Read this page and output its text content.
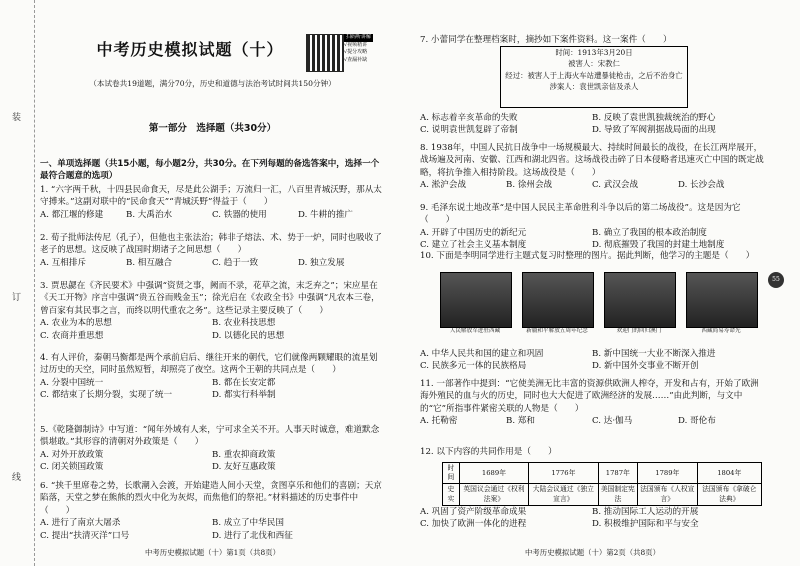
装
订
线
中考历史模拟试题（十）
扫码听讲解
√视频精讲
√提分攻略
√查漏补缺
（本试卷共19道题，满分70分，历史和道德与法治考试时间共150分钟）
第一部分　选择题（共30分）
一、单项选择题（共15小题，每小题2分，共30分。在下列每题的备选答案中，选择一个最符合题意的选项）
1. “六字两千秋，十四县民命食天，尽是此公湖手；万流归一汇，八百里青城沃野，那从太守搏来。”这副对联中的“民命食天”“青城沃野”得益于（　　）
A. 都江堰的修建	B. 大禹治水	C. 铁器的使用	D. 牛耕的推广
2. 荀子批师法传尼（孔子），但他也主张法治；韩非子熔法、术、势于一炉，同时也吸收了老子的思想。这反映了战国时期诸子之间思想（　　）
A. 互相排斥	B. 相互融合	C. 趋于一致	D. 独立发展
3. 贾思勰在《齐民要术》中强调“资贤之事，阙而不录，花草之流，末乏弃之”；宋应星在《天工开物》序言中强调“贵五谷而贱金玉”；徐光启在《农政全书》中强调“凡农本三卷，曾百家有其民事之言，而终以明代重农之务”。这些记录主要反映了（　　）
A. 农业为本的思想	B. 农业科技思想
C. 农商并重思想	D. 以德化民的思想
4. 有人评价，秦朝马衡都是两个承前启后、继往开来的朝代，它们就像两颗耀眼的流星划过历史的天空，同时虽然短暂，却照亮了夜空。这两个王朝的共同点是（　　）
A. 分裂中国统一	B. 都在长安定都
C. 都结束了长期分裂，实现了统一	D. 都实行科举制
5.《乾隆御制诗》中写道：“闻年外域有人来，宁可求全关不开。人事天时诚意，难道默念惧堪敢。”其形容的清朝对外政策是（　　）
A. 对外开放政策	B. 重农抑商政策
C. 闭关锁国政策	D. 友好互惠政策
6. “挟千里席卷之势，长歌潮入会渡，开始建造人间小天堂，贪图享乐和他们的喜剧；天京陷落，天堂之梦在熊熊的烈火中化为灰烬，而焦他们的祭祀。”材料描述的历史事件中（　　）
A. 进行了南京大屠杀	B. 成立了中华民国
C. 提出“扶清灭洋”口号	D. 进行了北伐和西征
中考历史模拟试题（十）第1页（共8页）
7. 小蕾同学在整理档案时，摘抄如下案件资料。这一案件（　　）
时间：1913年3月20日
被害人：宋教仁
经过：被害人于上海火车站遭暴徒枪击，之后不治身亡
涉案人：袁世凯亲信及杀人
A. 标志着辛亥革命的失败	B. 反映了袁世凯独裁统治的野心
C. 说明袁世凯复辟了帝制	D. 导致了军阀割据战局面的出现
8. 1938年，中国人民抗日战争中一场规模最大、持续时间最长的战役，在长江两岸展开，战场遍及河南、安徽、江西和湖北四省。这场战役击碎了日本侵略者迅速灭亡中国的既定战略，将抗争推入相持阶段。这场战役是（　　）
A. 淞沪会战	B. 徐州会战	C. 武汉会战	D. 长沙会战
9. 毛泽东说土地改革“是中国人民民主革命胜利斗争以后的第二场战役”。这是因为它（　　）
A. 开辟了中国历史的新纪元	B. 确立了我国的根本政治制度
C. 建立了社会主义基本制度	D. 彻底摧毁了我国的封建土地制度
10. 下面是李明同学进行主题式复习时整理的图片。据此判断，他学习的主题是（　　）
人民解放军进驻西藏	新疆和平解放五周年纪念	欢迎门的回归澳门	西藏简易寿命光
A. 中华人民共和国的建立和巩固	B. 新中国统一大业不断深入推进
C. 民族多元一体的民族格局	D. 新中国外交事业不断开创
11. 一部著作中提到：“它使美洲无比丰富的资源供欧洲人榨夺，开发和占有，开始了欧洲海外殖民的血与火的历史，同时也大大促进了欧洲经济的发展……”由此判断，与文中的“它”所指事件紧密关联的人物是（　　）
A. 托勒密	B. 郑和	C. 达·伽马	D. 哥伦布
12. 以下内容的共同作用是（　　）
时间	1689年	1776年	1787年	1789年	1804年
史实	英国议会通过《权利法案》	大陆会议通过《独立宣言》	美国制定宪法	法国颁布《人权宣言》	法国颁布《拿破仑法典》
A. 巩固了资产阶级革命成果	B. 推动国际工人运动的开展
C. 加快了欧洲一体化的进程	D. 积极维护国际和平与安全
中考历史模拟试题（十）第2页（共8页）
55
